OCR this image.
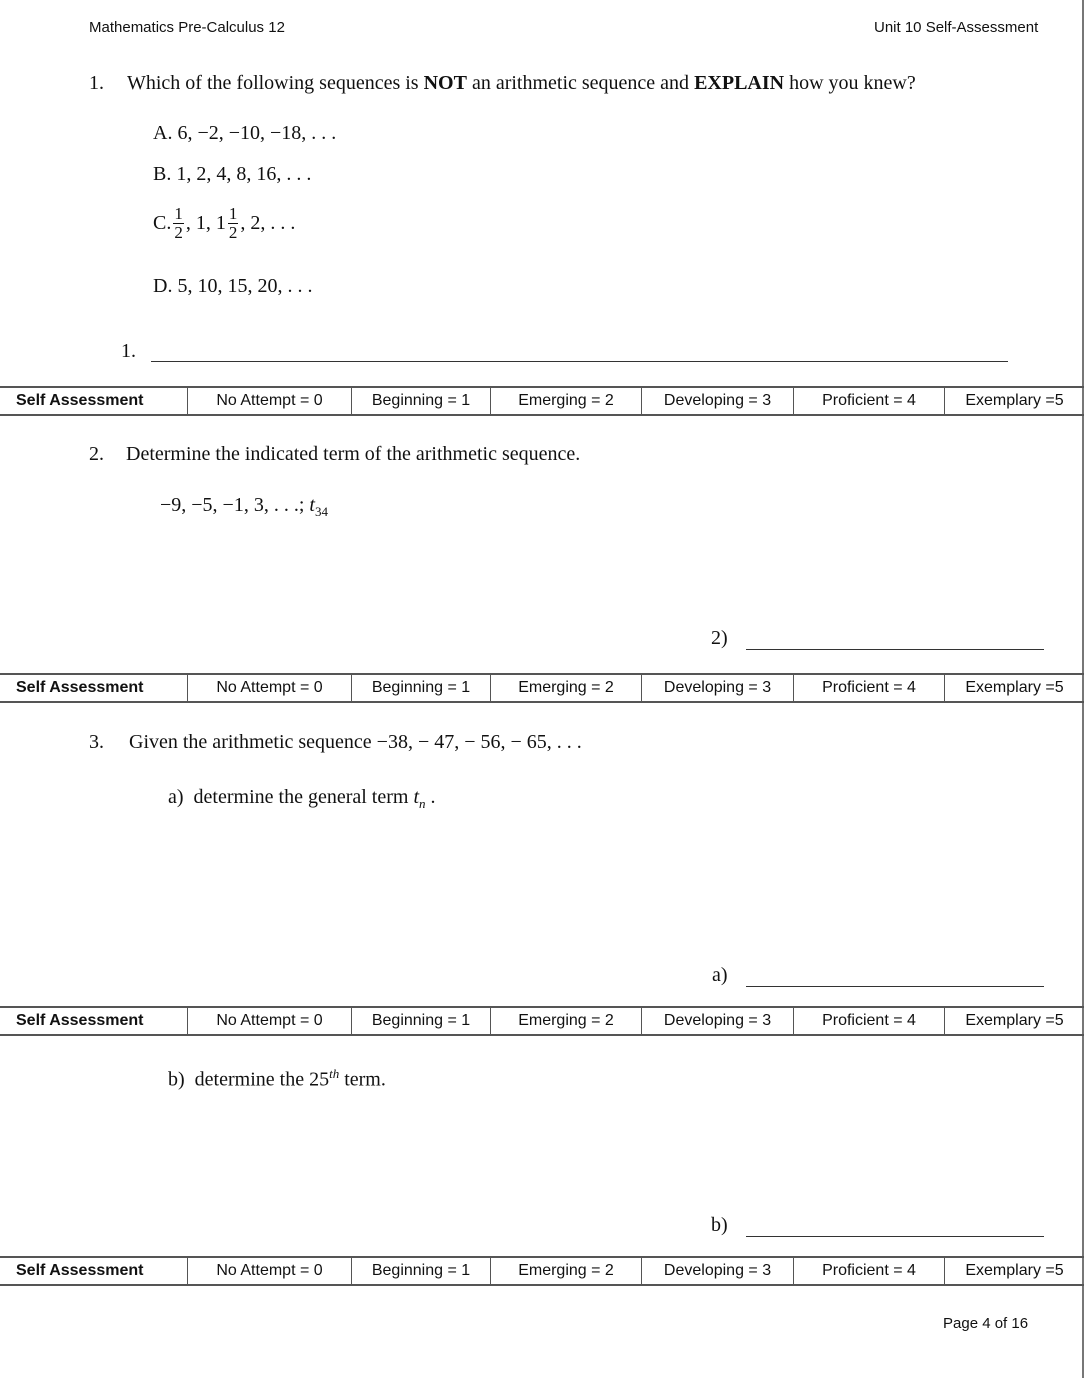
Mathematics Pre-Calculus 12	Unit 10 Self-Assessment
1. Which of the following sequences is NOT an arithmetic sequence and EXPLAIN how you knew?
A. 6, −2, −10, −18, . . .
B. 1, 2, 4, 8, 16, . . .
C. $\frac{1}{2}$ , 1, $1 \frac{1}{2}$ , 2, . . .
D. 5, 10, 15, 20, . . .
1.
Self Assessment	No Attempt = 0	Beginning = 1	Emerging = 2	Developing = 3	Proficient = 4	Exemplary =5
2. Determine the indicated term of the arithmetic sequence.
−9, −5, −1, 3, . . .; $t_{34}$
2)
Self Assessment	No Attempt = 0	Beginning = 1	Emerging = 2	Developing = 3	Proficient = 4	Exemplary =5
3. Given the arithmetic sequence −38, − 47, − 56, − 65, . . .
a) determine the general term $t_n$ .
a)
Self Assessment	No Attempt = 0	Beginning = 1	Emerging = 2	Developing = 3	Proficient = 4	Exemplary =5
b) determine the 25th term.
b)
Self Assessment	No Attempt = 0	Beginning = 1	Emerging = 2	Developing = 3	Proficient = 4	Exemplary =5
Page 4 of 16
